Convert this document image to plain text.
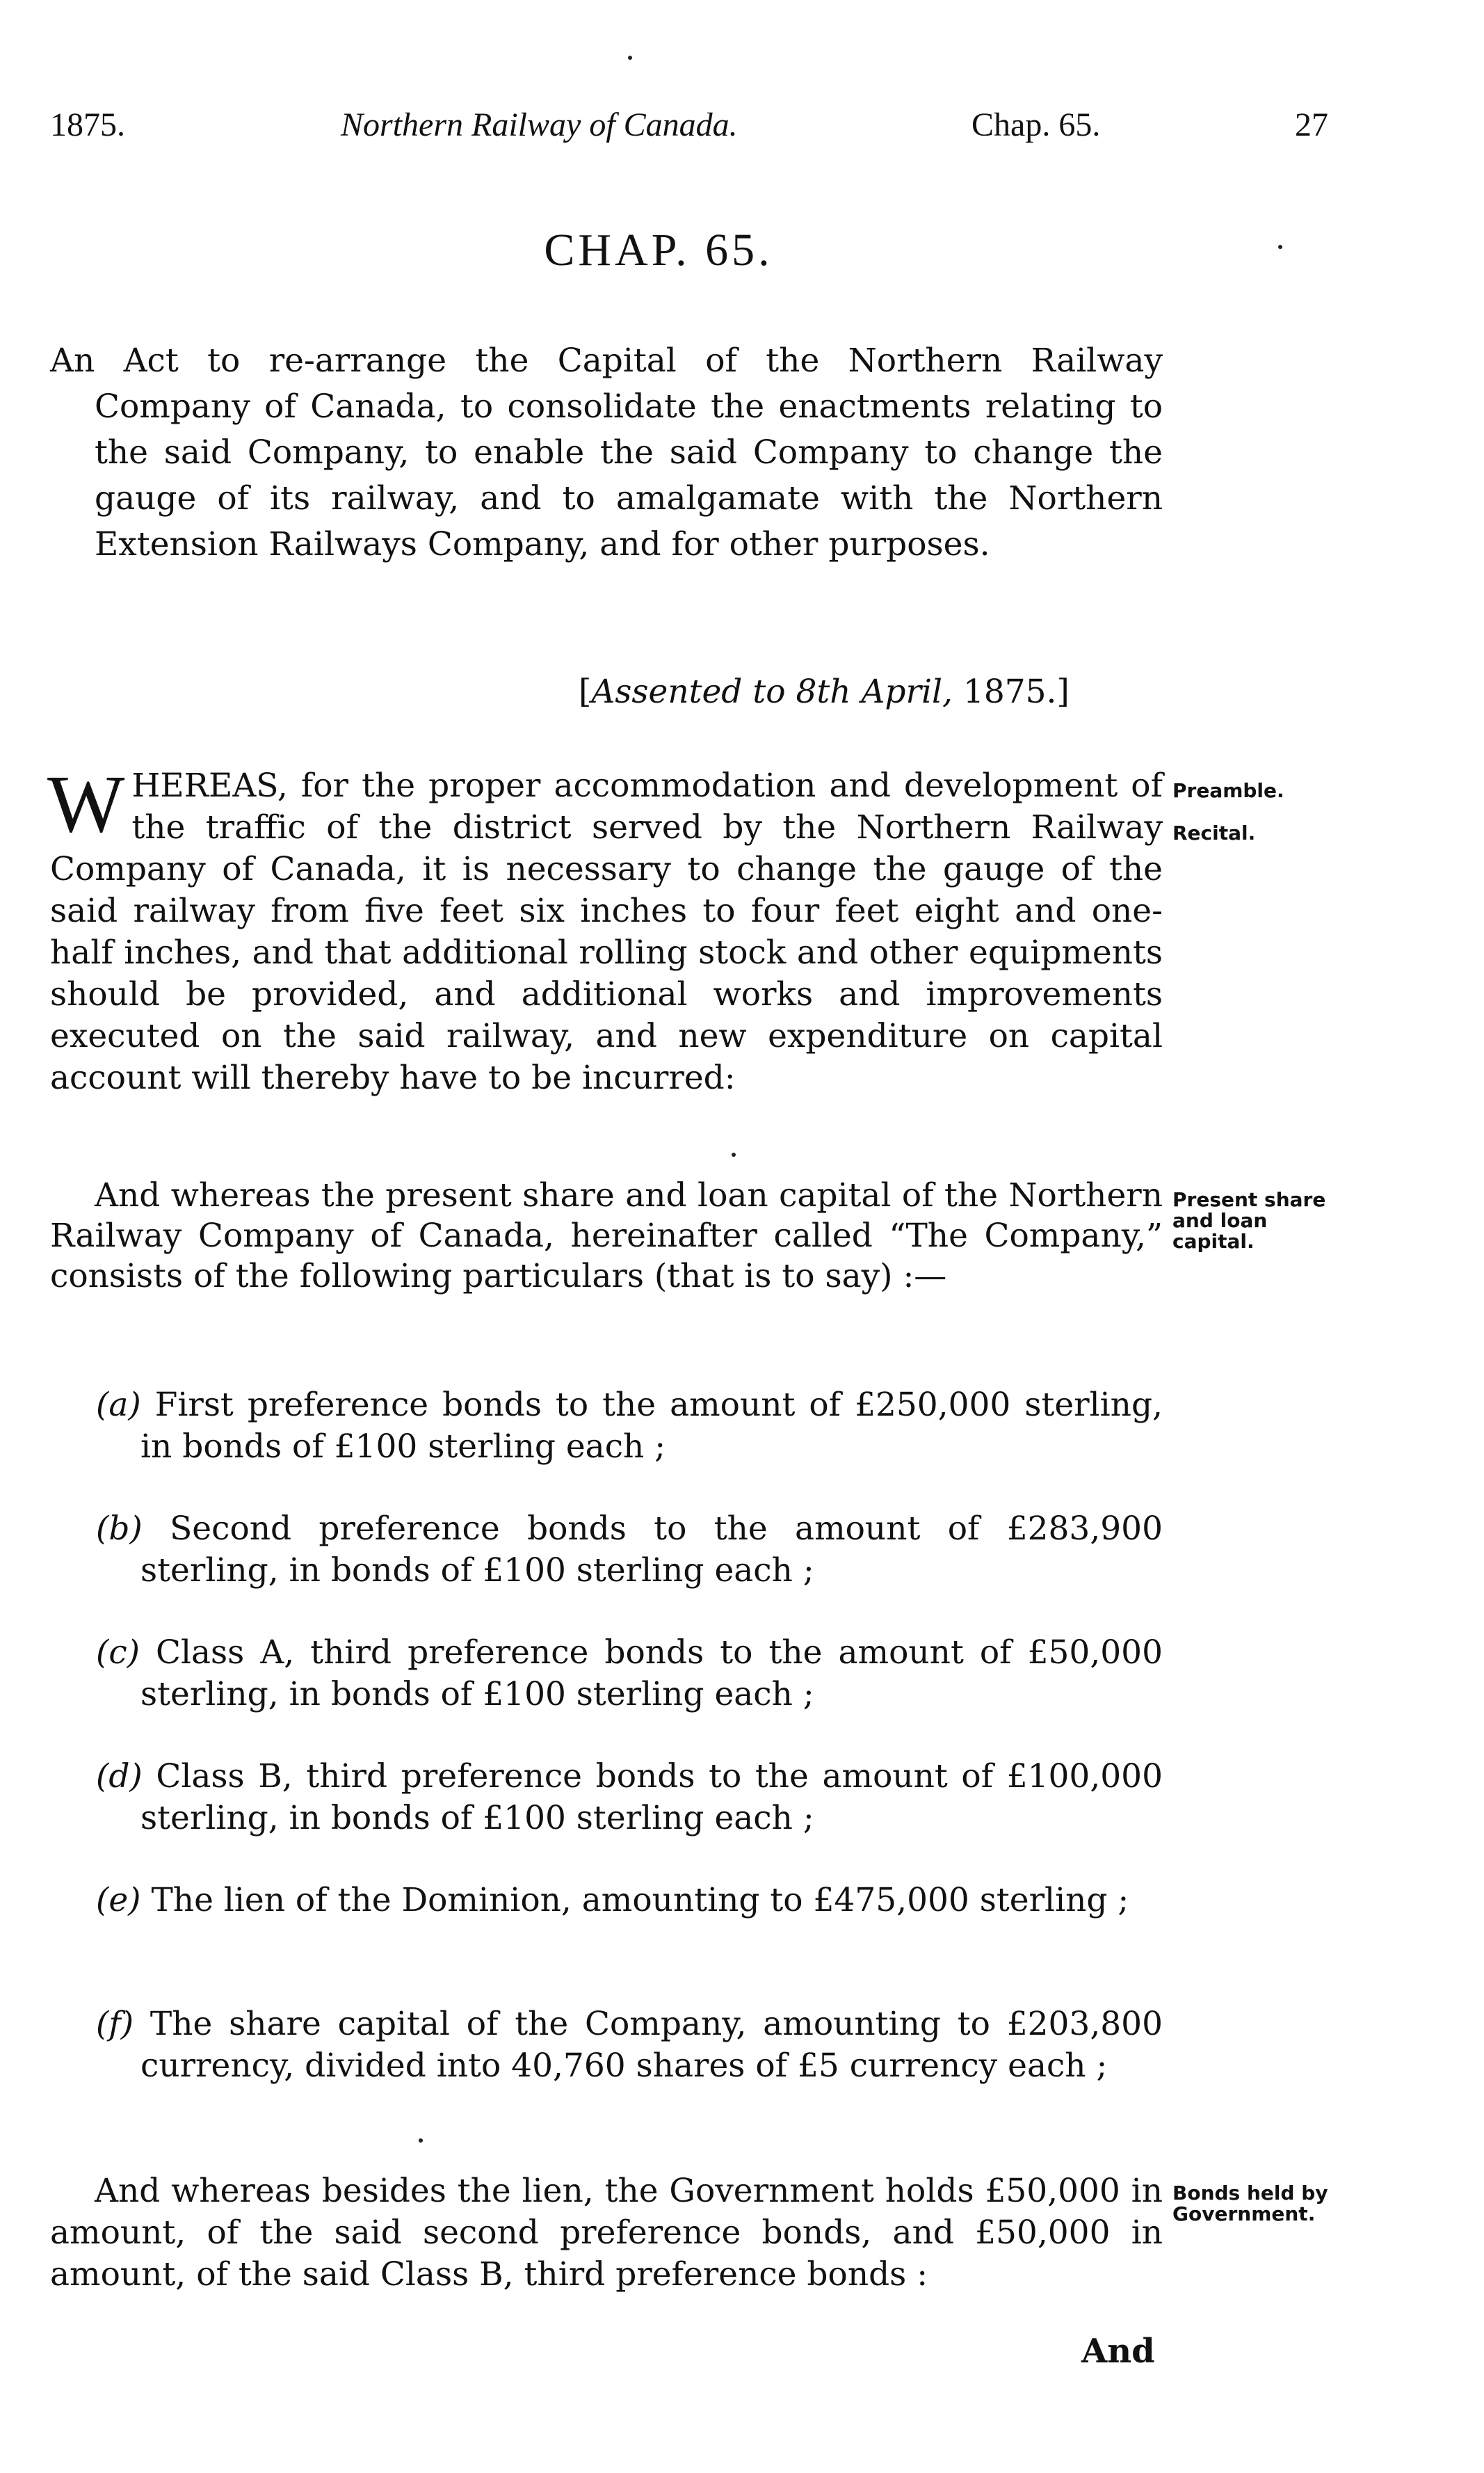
1875.	Northern Railway of Canada.	Chap. 65.	27
CHAP. 65.
An Act to re-arrange the Capital of the Northern Railway Company of Canada, to consolidate the enactments relating to the said Company, to enable the said Company to change the gauge of its railway, and to amalgamate with the Northern Extension Railways Company, and for other purposes.
[Assented to 8th April, 1875.]
WHEREAS, for the proper accommodation and development of the traffic of the district served by the Northern Railway Company of Canada, it is necessary to change the gauge of the said railway from five feet six inches to four feet eight and one-half inches, and that additional rolling stock and other equipments should be provided, and additional works and improvements executed on the said railway, and new expenditure on capital account will thereby have to be incurred:
And whereas the present share and loan capital of the Northern Railway Company of Canada, hereinafter called “The Company,” consists of the following particulars (that is to say) :—
(a) First preference bonds to the amount of £250,000 sterling, in bonds of £100 sterling each ;
(b) Second preference bonds to the amount of £283,900 sterling, in bonds of £100 sterling each ;
(c) Class A, third preference bonds to the amount of £50,000 sterling, in bonds of £100 sterling each ;
(d) Class B, third preference bonds to the amount of £100,000 sterling, in bonds of £100 sterling each ;
(e) The lien of the Dominion, amounting to £475,000 sterling ;
(f) The share capital of the Company, amounting to £203,800 currency, divided into 40,760 shares of £5 currency each ;
And whereas besides the lien, the Government holds £50,000 in amount, of the said second preference bonds, and £50,000 in amount, of the said Class B, third preference bonds :
And
Preamble.
Recital.
Present share and loan capital.
Bonds held by Government.
